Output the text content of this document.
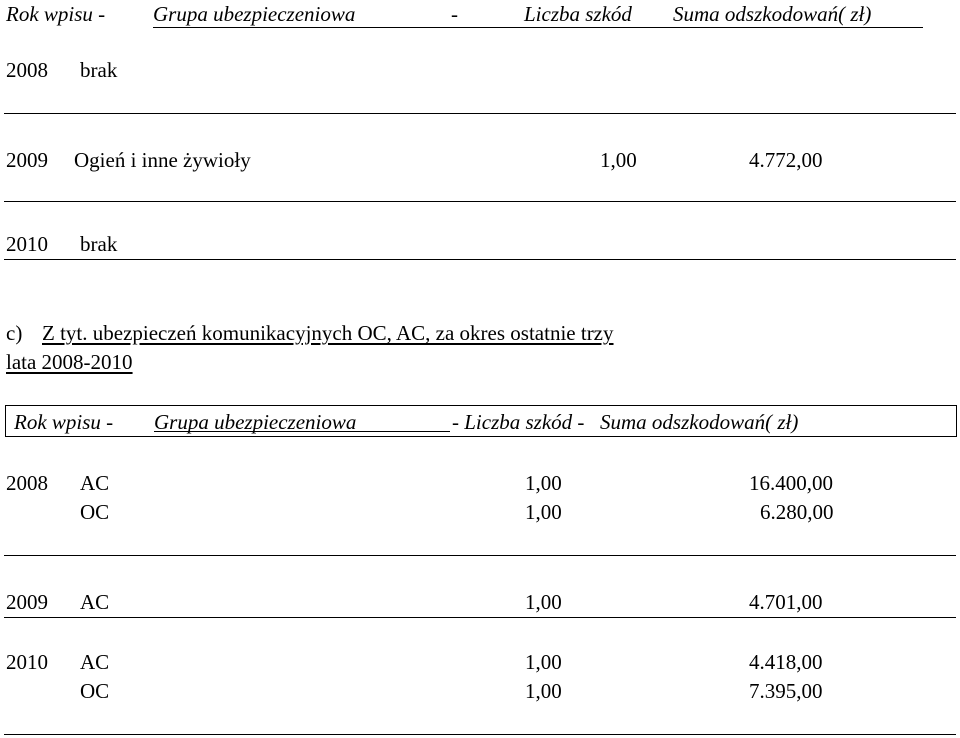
Rok wpisu - Grupa ubezpieczeniowa	-	Liczba szkód Suma odszkodowań( zł)
2008 brak
2009 Ogień i inne żywioły	1,00	4.772,00
2010 brak
c) Z tyt. ubezpieczeń komunikacyjnych OC, AC, za okres ostatnie trzy
lata 2008-2010
Rok wpisu - Grupa ubezpieczeniowa	- Liczba szkód - Suma odszkodowań( zł)
2008 AC	1,00	16.400,00
OC	1,00	6.280,00
2009 AC	1,00	4.701,00
2010 AC	1,00	4.418,00
OC	1,00	7.395,00
